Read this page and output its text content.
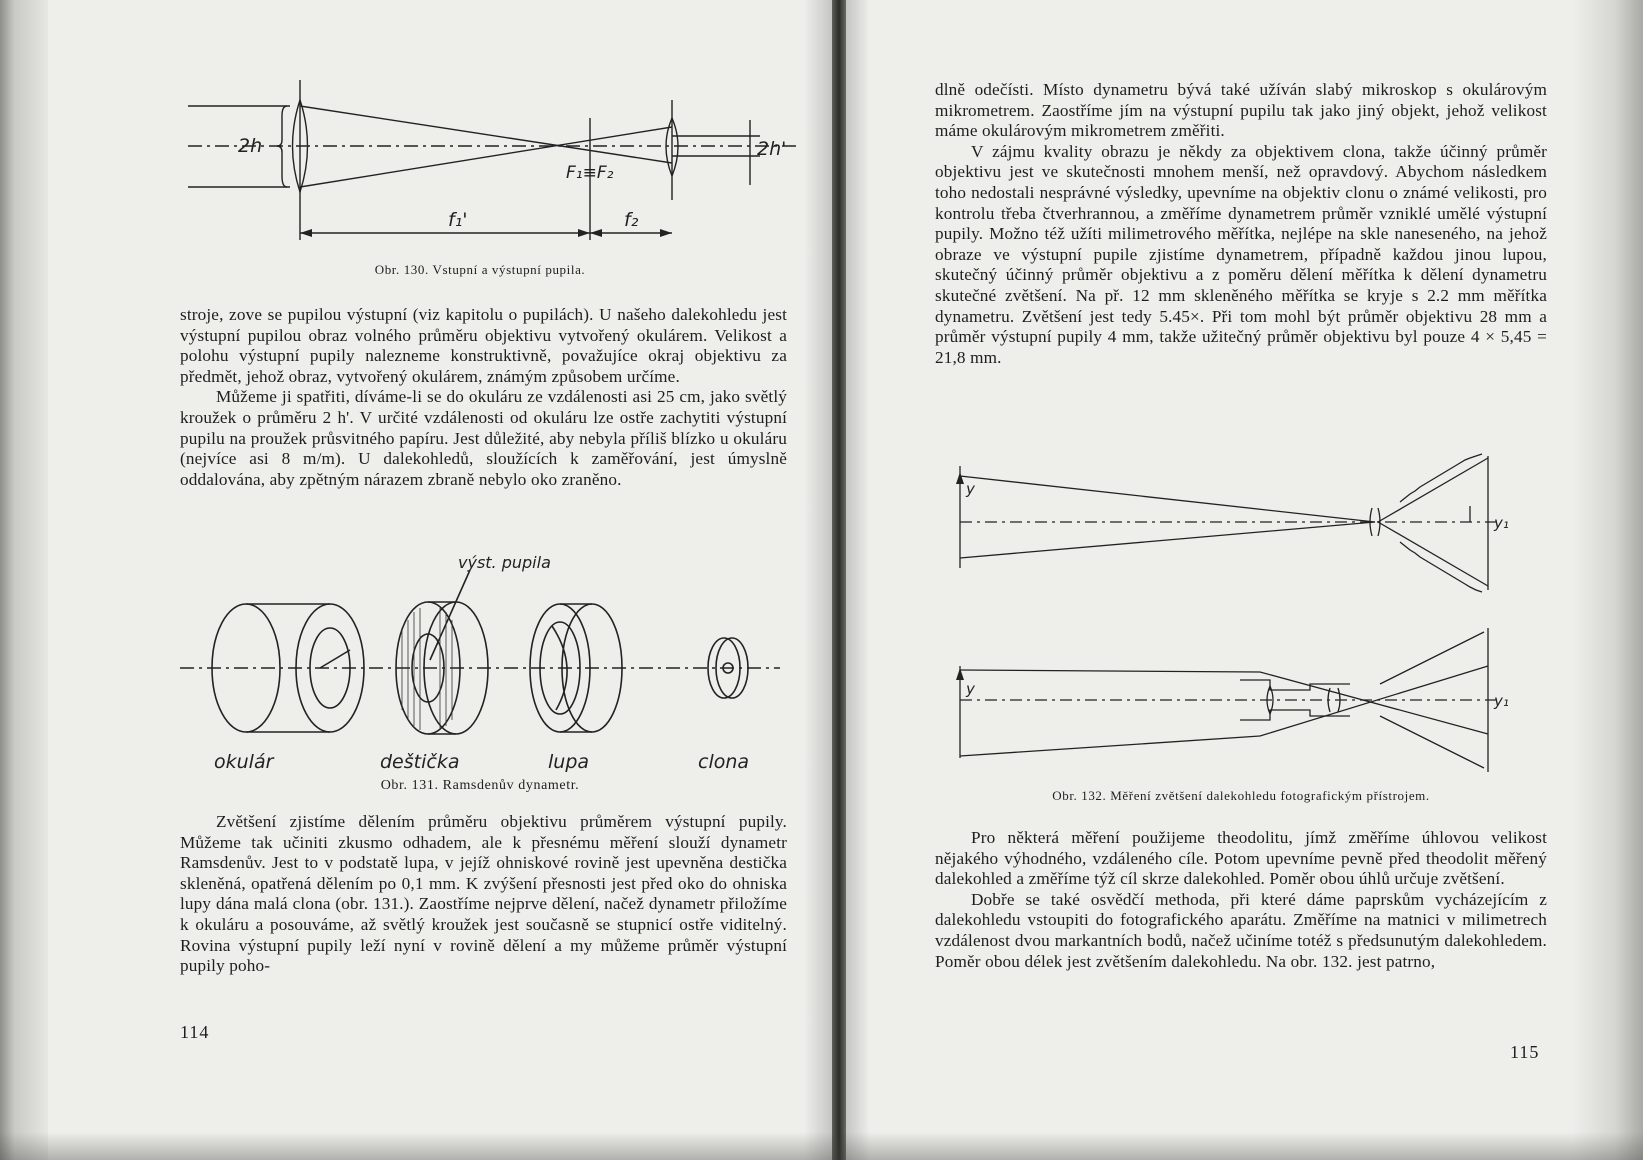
2h	2h'
F₁≡F₂
f₁'	f₂
Obr. 130. Vstupní a výstupní pupila.

stroje, zove se pupilou výstupní (viz kapitolu o pupilách). U našeho dalekohledu jest výstupní pupilou obraz volného průměru objektivu vytvořený okulárem. Velikost a polohu výstupní pupily nalezneme konstruktivně, považujíce okraj objektivu za předmět, jehož obraz, vytvořený okulárem, známým způsobem určíme.

Můžeme ji spatřiti, díváme-li se do okuláru ze vzdálenosti asi 25 cm, jako světlý kroužek o průměru 2 h'. V určité vzdálenosti od okuláru lze ostře zachytiti výstupní pupilu na proužek průsvitného papíru. Jest důležité, aby nebyla příliš blízko u okuláru (nejvíce asi 8 m/m). U dalekohledů, sloužících k zaměřování, jest úmyslně oddalována, aby zpětným nárazem zbraně nebylo oko zraněno.

výst. pupila
okulár	deštička	lupa	clona
Obr. 131. Ramsdenův dynametr.

Zvětšení zjistíme dělením průměru objektivu průměrem výstupní pupily. Můžeme tak učiniti zkusmo odhadem, ale k přesnému měření slouží dynametr Ramsdenův. Jest to v podstatě lupa, v jejíž ohniskové rovině jest upevněna destička skleněná, opatřená dělením po 0,1 mm. K zvýšení přesnosti jest před oko do ohniska lupy dána malá clona (obr. 131.). Zaostříme nejprve dělení, načež dynametr přiložíme k okuláru a posouváme, až světlý kroužek jest současně se stupnicí ostře viditelný. Rovina výstupní pupily leží nyní v rovině dělení a my můžeme průměr výstupní pupily poho-

114

dlně odečísti. Místo dynametru bývá také užíván slabý mikroskop s okulárovým mikrometrem. Zaostříme jím na výstupní pupilu tak jako jiný objekt, jehož velikost máme okulárovým mikrometrem změřiti.

V zájmu kvality obrazu je někdy za objektivem clona, takže účinný průměr objektivu jest ve skutečnosti mnohem menší, než opravdový. Abychom následkem toho nedostali nesprávné výsledky, upevníme na objektiv clonu o známé velikosti, pro kontrolu třeba čtverhrannou, a změříme dynametrem průměr vzniklé umělé výstupní pupily. Možno též užíti milimetrového měřítka, nejlépe na skle naneseného, na jehož obraze ve výstupní pupile zjistíme dynametrem, případně každou jinou lupou, skutečný účinný průměr objektivu a z poměru dělení měřítka k dělení dynametru skutečné zvětšení. Na př. 12 mm skleněného měřítka se kryje s 2.2 mm měřítka dynametru. Zvětšení jest tedy 5.45×. Při tom mohl být průměr objektivu 28 mm a průměr výstupní pupily 4 mm, takže užitečný průměr objektivu byl pouze 4 × 5,45 = 21,8 mm.

y
y₁
y
y₁
Obr. 132. Měření zvětšení dalekohledu fotografickým přístrojem.

Pro některá měření použijeme theodolitu, jímž změříme úhlovou velikost nějakého výhodného, vzdáleného cíle. Potom upevníme pevně před theodolit měřený dalekohled a změříme týž cíl skrze dalekohled. Poměr obou úhlů určuje zvětšení.

Dobře se také osvědčí methoda, při které dáme paprskům vycházejícím z dalekohledu vstoupiti do fotografického aparátu. Změříme na matnici v milimetrech vzdálenost dvou markantních bodů, načež učiníme totéž s předsunutým dalekohledem. Poměr obou délek jest zvětšením dalekohledu. Na obr. 132. jest patrno,

115
